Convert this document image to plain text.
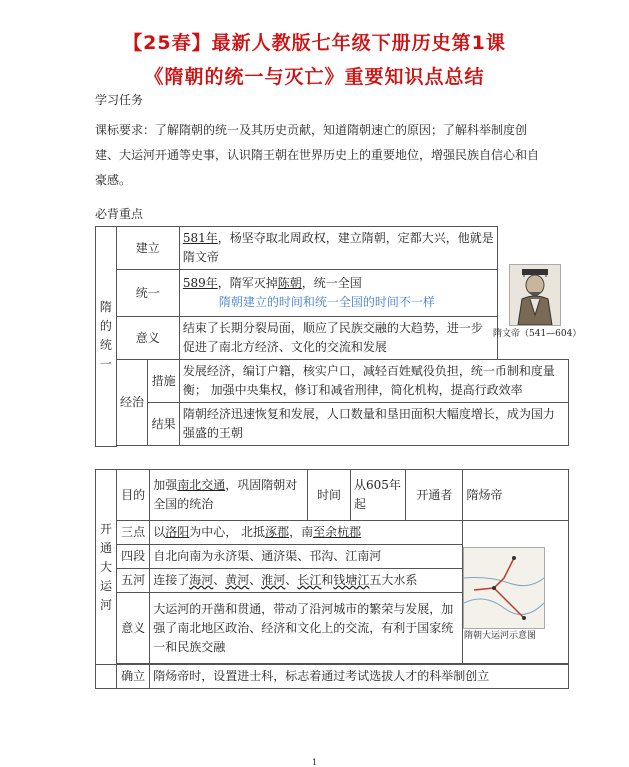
【25春】最新人教版七年级下册历史第1课
《隋朝的统一与灭亡》重要知识点总结
学习任务
课标要求：了解隋朝的统一及其历史贡献，知道隋朝速亡的原因；了解科举制度创建、大运河开通等史事，认识隋王朝在世界历史上的重要地位，增强民族自信心和自豪感。
必背重点
隋的统一	建立		581年，杨坚夺取北周政权，建立隋朝，定都大兴，他就是隋文帝	
	统一		589年，隋军灭掉陈朝，统一全国
隋朝建立的时间和统一全国的时间不一样	

	意义		结束了长期分裂局面，顺应了民族交融的大趋势，进一步促进了南北方经济、文化的交流和发展	
	经治	措施	发展经济，编订户籍，核实户口，减轻百姓赋役负担，统一币制和度量衡； 加强中央集权，修订和减省刑律，简化机构，提高行政效率	
		结果	隋朝经济迅速恢复和发展，人口数量和垦田面积大幅度增长，成为国力强盛的王朝	

开通大运河	目的	加强南北交通，巩固隋朝对全国的统治	时间	从605年起	开通者	隋炀帝
	三点	以洛阳为中心， 北抵涿郡，南至余杭郡				
	四段	自北向南为永济渠、通济渠、邗沟、江南河				
	五河	连接了海河、黄河、淮河、长江和钱塘江五大水系				
	意义	大运河的开凿和贯通，带动了沿河城市的繁荣与发展，加强了南北地区政治、经济和文化上的交流，有利于国家统一和民族交融				

	确立	隋炀帝时，设置进士科，标志着通过考试选拔人才的科举制创立				
隋文帝（541—604）
隋朝大运河示意图
1
